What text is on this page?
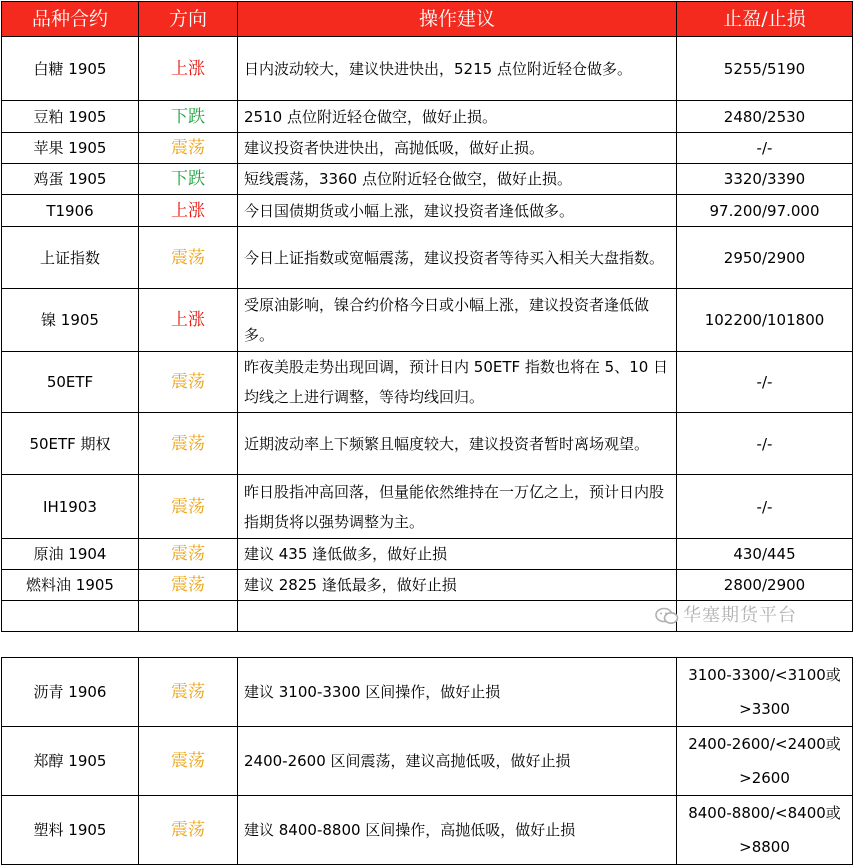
品种合约	方向	操作建议	止盈/止损
白糖 1905	上涨	日内波动较大，建议快进快出，5215 点位附近轻仓做多。	5255/5190
豆粕 1905	下跌	2510 点位附近轻仓做空，做好止损。	2480/2530
苹果 1905	震荡	建议投资者快进快出，高抛低吸，做好止损。	-/-
鸡蛋 1905	下跌	短线震荡，3360 点位附近轻仓做空，做好止损。	3320/3390
T1906	上涨	今日国债期货或小幅上涨，建议投资者逢低做多。	97.200/97.000
上证指数	震荡	今日上证指数或宽幅震荡，建议投资者等待买入相关大盘指数。	2950/2900
镍 1905	上涨	受原油影响，镍合约价格今日或小幅上涨，建议投资者逢低做多。	102200/101800
50ETF	震荡	昨夜美股走势出现回调，预计日内 50ETF 指数也将在 5、10 日均线之上进行调整，等待均线回归。	-/-
50ETF 期权	震荡	近期波动率上下频繁且幅度较大，建议投资者暂时离场观望。	-/-
IH1903	震荡	昨日股指冲高回落，但量能依然维持在一万亿之上，预计日内股指期货将以强势调整为主。	-/-
原油 1904	震荡	建议 435 逢低做多，做好止损	430/445
燃料油 1905	震荡	建议 2825 逢低最多，做好止损	2800/2900

华塞期货平台
沥青 1906	震荡	建议 3100-3300 区间操作，做好止损	3100-3300/<3100或>3300
郑醇 1905	震荡	2400-2600 区间震荡，建议高抛低吸，做好止损	2400-2600/<2400或>2600
塑料 1905	震荡	建议 8400-8800 区间操作，高抛低吸，做好止损	8400-8800/<8400或>8800
